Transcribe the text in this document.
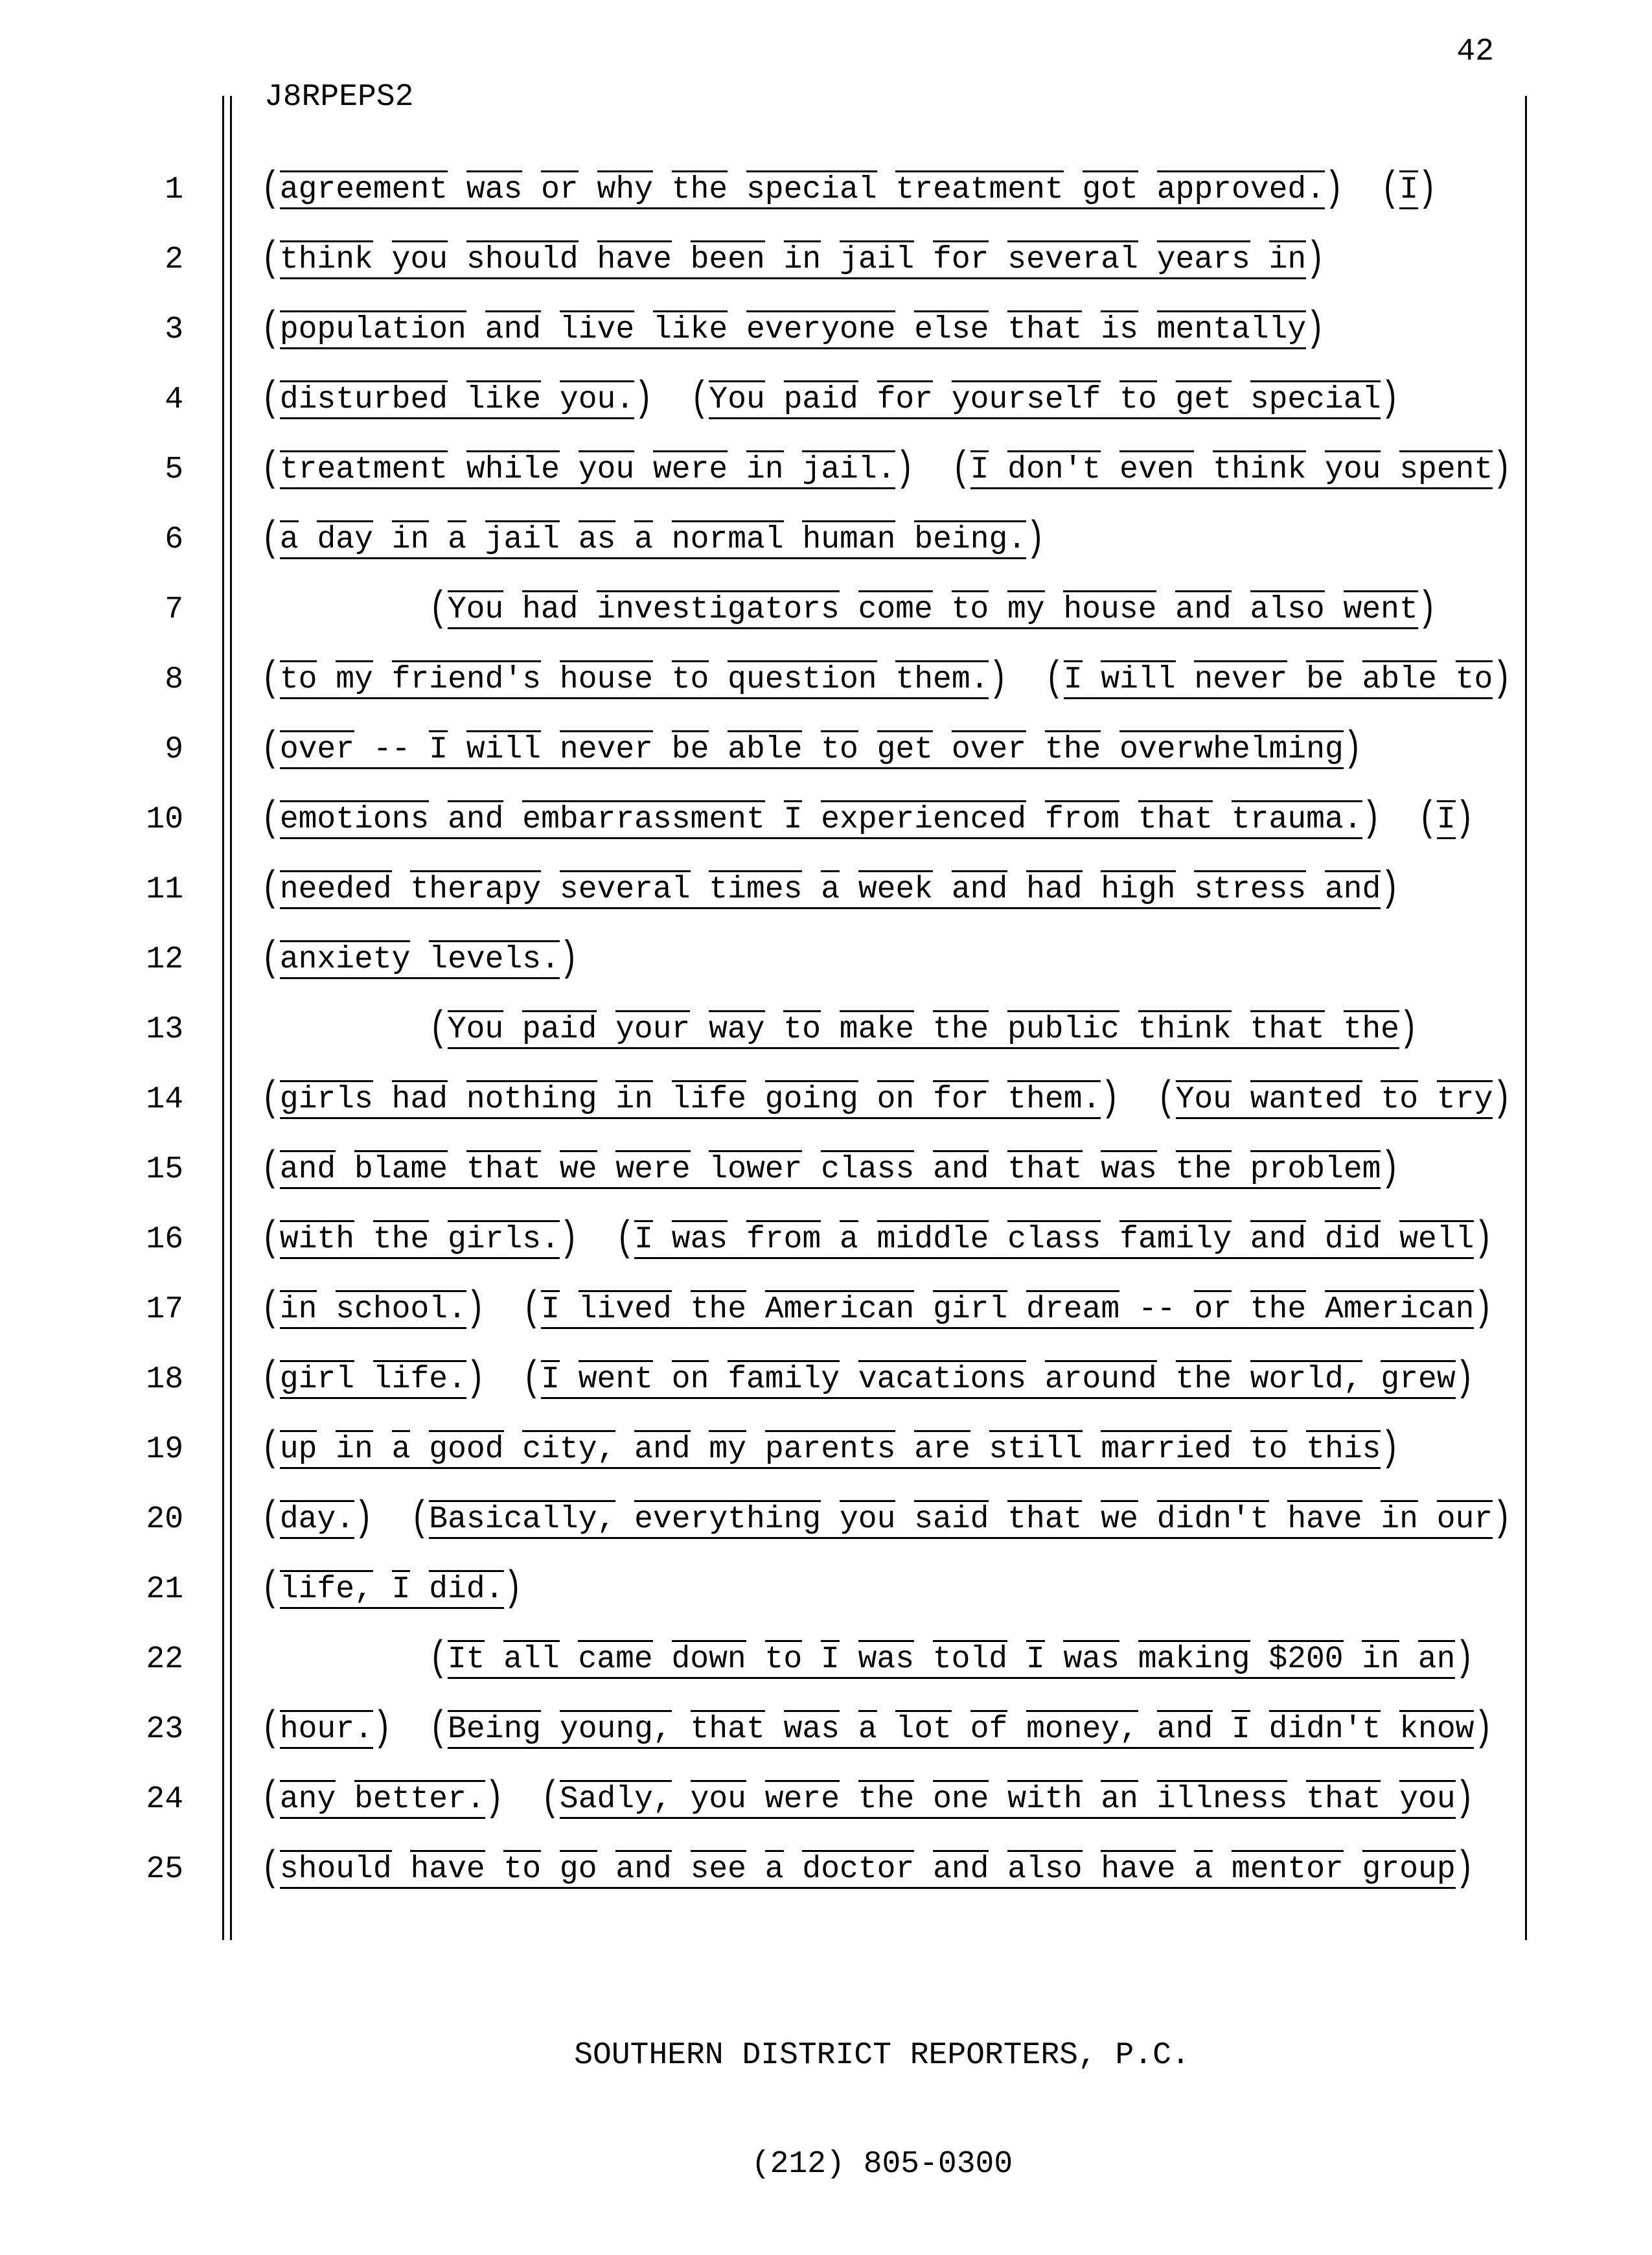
42
J8RPEPS2
1	(agreement was or why the special treatment got approved.) (I)
2	(think you should have been in jail for several years in)
3	(population and live like everyone else that is mentally)
4	(disturbed like you.) (You paid for yourself to get special)
5	(treatment while you were in jail.) (I don't even think you spent)
6	(a day in a jail as a normal human being.)
7	(You had investigators come to my house and also went)
8	(to my friend's house to question them.) (I will never be able to)
9	(over -- I will never be able to get over the overwhelming)
10	(emotions and embarrassment I experienced from that trauma.) (I)
11	(needed therapy several times a week and had high stress and)
12	(anxiety levels.)
13	(You paid your way to make the public think that the)
14	(girls had nothing in life going on for them.) (You wanted to try)
15	(and blame that we were lower class and that was the problem)
16	(with the girls.) (I was from a middle class family and did well)
17	(in school.) (I lived the American girl dream -- or the American)
18	(girl life.) (I went on family vacations around the world, grew)
19	(up in a good city, and my parents are still married to this)
20	(day.) (Basically, everything you said that we didn't have in our)
21	(life, I did.)
22	(It all came down to I was told I was making $200 in an)
23	(hour.) (Being young, that was a lot of money, and I didn't know)
24	(any better.) (Sadly, you were the one with an illness that you)
25	(should have to go and see a doctor and also have a mentor group)

SOUTHERN DISTRICT REPORTERS, P.C.

(212) 805-0300
